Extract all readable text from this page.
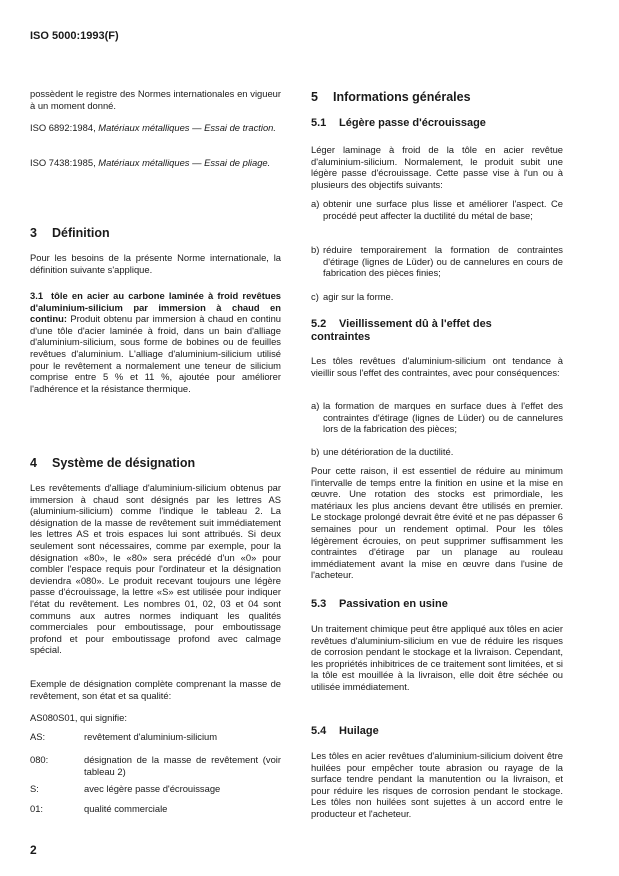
ISO 5000:1993(F)

possèdent le registre des Normes internationales en vigueur à un moment donné.

ISO 6892:1984, Matériaux métalliques — Essai de traction.

ISO 7438:1985, Matériaux métalliques — Essai de pliage.

3 Définition

Pour les besoins de la présente Norme internationale, la définition suivante s'applique.

3.1 tôle en acier au carbone laminée à froid revêtues d'aluminium-silicium par immersion à chaud en continu: Produit obtenu par immersion à chaud en continu d'une tôle d'acier laminée à froid, dans un bain d'alliage d'aluminium-silicium, sous forme de bobines ou de feuilles revêtues d'aluminium. L'alliage d'aluminium-silicium utilisé pour le revêtement a normalement une teneur de silicium comprise entre 5 % et 11 %, ajoutée pour améliorer l'adhérence et la résistance thermique.

4 Système de désignation

Les revêtements d'alliage d'aluminium-silicium obtenus par immersion à chaud sont désignés par les lettres AS (aluminium-silicium) comme l'indique le tableau 2. La désignation de la masse de revêtement suit immédiatement les lettres AS et trois espaces lui sont attribués. Si deux seulement sont nécessaires, comme par exemple, pour la désignation «80», le «80» sera précédé d'un «0» pour combler l'espace requis pour l'ordinateur et la désignation deviendra «080». Le produit recevant toujours une légère passe d'écrouissage, la lettre «S» est utilisée pour indiquer l'état du revêtement. Les nombres 01, 02, 03 et 04 sont communs aux autres normes indiquant les qualités commerciales pour emboutissage, pour emboutissage profond et pour emboutissage profond avec calmage spécial.

Exemple de désignation complète comprenant la masse de revêtement, son état et sa qualité:

AS080S01, qui signifie:

AS:	revêtement d'aluminium-silicium
080:	désignation de la masse de revêtement (voir tableau 2)
S:	avec légère passe d'écrouissage
01:	qualité commerciale
2
5 Informations générales
5.1 Légère passe d'écrouissage

Léger laminage à froid de la tôle en acier revêtue d'aluminium-silicium. Normalement, le produit subit une légère passe d'écrouissage. Cette passe vise à l'un ou à plusieurs des objectifs suivants:

a) obtenir une surface plus lisse et améliorer l'aspect. Ce procédé peut affecter la ductilité du métal de base;
b) réduire temporairement la formation de contraintes d'étirage (lignes de Lüder) ou de cannelures en cours de fabrication des pièces finies;
c) agir sur la forme.
5.2 Vieillissement dû à l'effet des contraintes

Les tôles revêtues d'aluminium-silicium ont tendance à vieillir sous l'effet des contraintes, avec pour conséquences:

a) la formation de marques en surface dues à l'effet des contraintes d'étirage (lignes de Lüder) ou de cannelures lors de la fabrication des pièces;
b) une détérioration de la ductilité.

Pour cette raison, il est essentiel de réduire au minimum l'intervalle de temps entre la finition en usine et la mise en œuvre. Une rotation des stocks est primordiale, les matériaux les plus anciens devant être utilisés en premier. Le stockage prolongé devrait être évité et ne pas dépasser 6 semaines pour un rendement optimal. Pour les tôles légèrement écrouies, on peut supprimer suffisamment les contraintes d'étirage par un planage au rouleau immédiatement avant la mise en œuvre dans l'usine de l'acheteur.

5.3 Passivation en usine

Un traitement chimique peut être appliqué aux tôles en acier revêtues d'aluminium-silicium en vue de réduire les risques de corrosion pendant le stockage et la livraison. Cependant, les propriétés inhibitrices de ce traitement sont limitées, et si la tôle est mouillée à la livraison, elle doit être séchée ou utilisée immédiatement.

5.4 Huilage

Les tôles en acier revêtues d'aluminium-silicium doivent être huilées pour empêcher toute abrasion ou rayage de la surface tendre pendant la manutention ou la livraison, et pour réduire les risques de corrosion pendant le stockage. Les tôles non huilées sont sujettes à un accord entre le producteur et l'acheteur.
